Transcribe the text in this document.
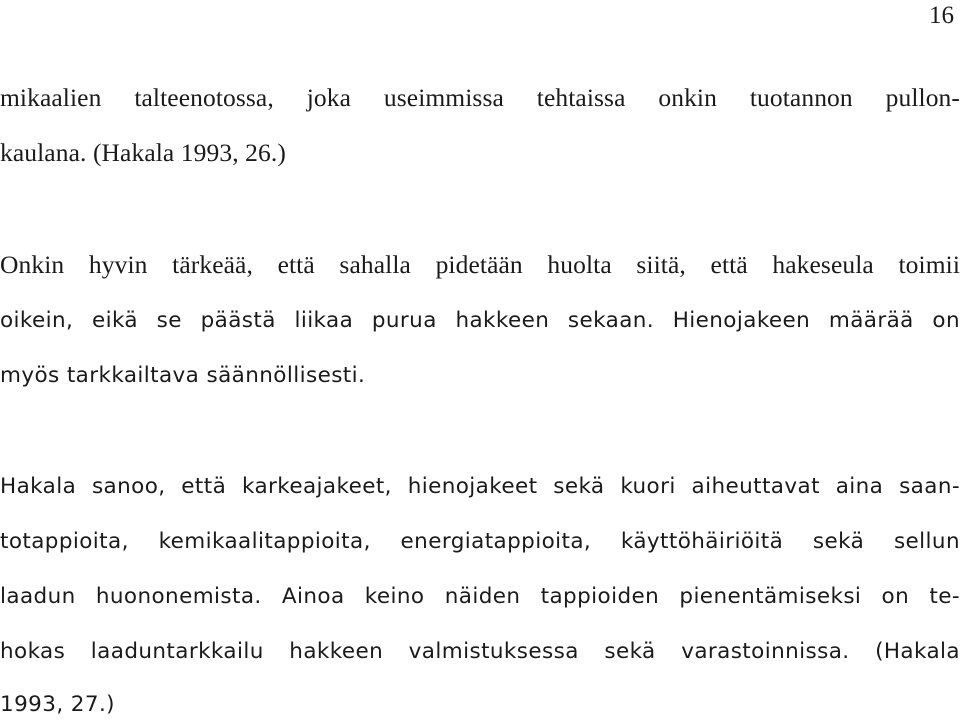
16

mikaalien talteenotossa, joka useimmissa tehtaissa onkin tuotannon pullon-

kaulana. (Hakala 1993, 26.)

Onkin hyvin tärkeää, että sahalla pidetään huolta siitä, että hakeseula toimii

oikein, eikä se päästä liikaa purua hakkeen sekaan. Hienojakeen määrää on

myös tarkkailtava säännöllisesti.

Hakala sanoo, että karkeajakeet, hienojakeet sekä kuori aiheuttavat aina saan-

totappioita, kemikaalitappioita, energiatappioita, käyttöhäiriöitä sekä sellun

laadun huononemista. Ainoa keino näiden tappioiden pienentämiseksi on te-

hokas laaduntarkkailu hakkeen valmistuksessa sekä varastoinnissa. (Hakala

1993, 27.)
